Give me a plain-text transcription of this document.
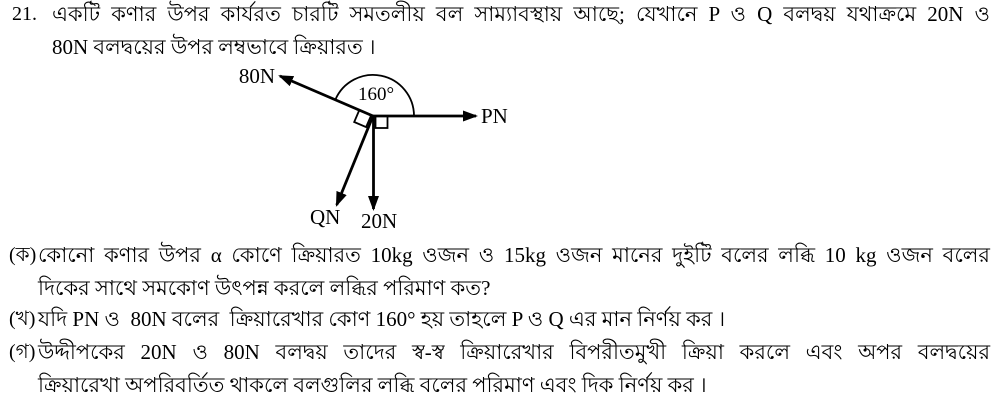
21. একটি কণার উপর কার্যরত চারটি সমতলীয় বল সাম্যাবস্থায় আছে; যেখানে P ও Q বলদ্বয় যথাক্রমে 20N ও
80N বলদ্বয়ের উপর লম্বভাবে ক্রিয়ারত ।
80N
160°
PN
QN 20N
(ক) কোনো কণার উপর α কোণে ক্রিয়ারত 10kg ওজন ও 15kg ওজন মানের দুইটি বলের লব্ধি 10 kg ওজন বলের
দিকের সাথে সমকোণ উৎপন্ন করলে লব্ধির পরিমাণ কত?
(খ) যদি PN ও  80N বলের  ক্রিয়ারেখার কোণ 160° হয় তাহলে P ও Q এর মান নির্ণয় কর ।
(গ) উদ্দীপকের 20N ও 80N বলদ্বয় তাদের স্ব-স্ব ক্রিয়ারেখার বিপরীতমুখী ক্রিয়া করলে এবং অপর বলদ্বয়ের
ক্রিয়ারেখা অপরিবর্তিত থাকলে বলগুলির লব্ধি বলের পরিমাণ এবং দিক নির্ণয় কর ।
